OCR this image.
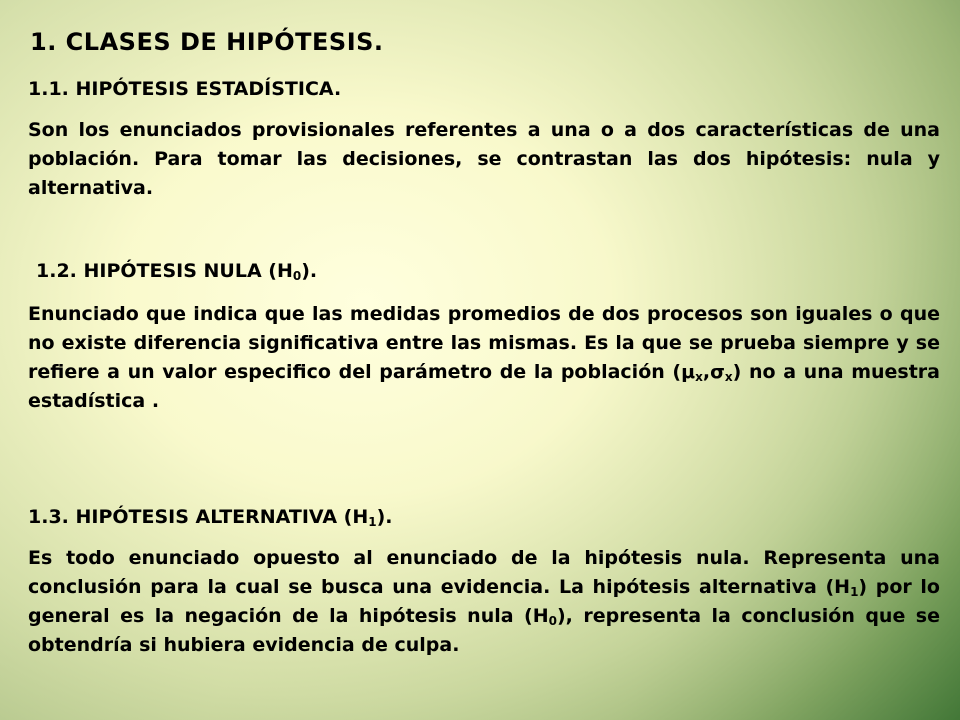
1. CLASES DE HIPÓTESIS.
1.1. HIPÓTESIS ESTADÍSTICA.

Son los enunciados provisionales referentes a una o a dos características de una población. Para tomar las decisiones, se contrastan las dos hipótesis: nula y alternativa.

1.2. HIPÓTESIS NULA $(H_0)$.

Enunciado que indica que las medidas promedios de dos procesos son iguales o que no existe diferencia significativa entre las mismas. Es la que se prueba siempre y se refiere a un valor especifico del parámetro de la población $(\mu_x,\sigma_x)$ no a una muestra estadística .

1.3. HIPÓTESIS ALTERNATIVA $(H_1)$.

Es todo enunciado opuesto al enunciado de la hipótesis nula. Representa una conclusión para la cual se busca una evidencia. La hipótesis alternativa $(H_1)$ por lo general es la negación de la hipótesis nula $(H_0)$, representa la conclusión que se obtendría si hubiera evidencia de culpa.
